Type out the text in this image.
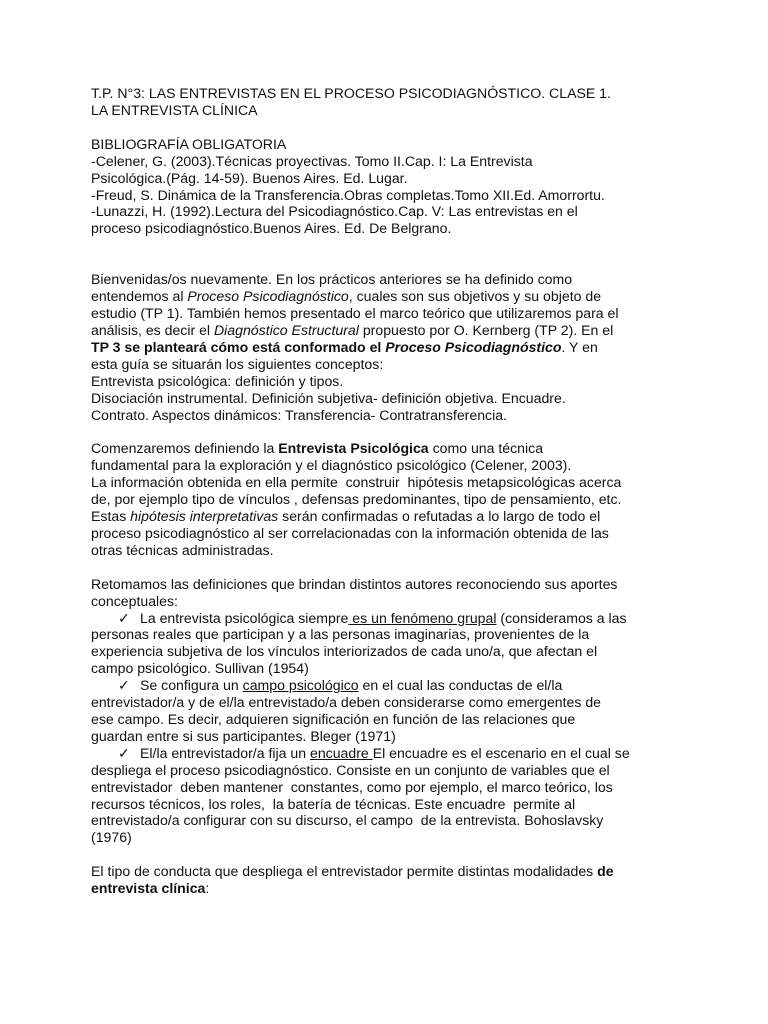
T.P. N°3: LAS ENTREVISTAS EN EL PROCESO PSICODIAGNÓSTICO. CLASE 1.
LA ENTREVISTA CLÍNICA
BIBLIOGRAFÍA OBLIGATORIA
-Celener, G. (2003).Técnicas proyectivas. Tomo II.Cap. I: La Entrevista
Psicológica.(Pág. 14-59). Buenos Aires. Ed. Lugar.
-Freud, S. Dinámica de la Transferencia.Obras completas.Tomo XII.Ed. Amorrortu.
-Lunazzi, H. (1992).Lectura del Psicodiagnóstico.Cap. V: Las entrevistas en el
proceso psicodiagnóstico.Buenos Aires. Ed. De Belgrano.
Bienvenidas/os nuevamente. En los prácticos anteriores se ha definido como
entendemos al Proceso Psicodiagnóstico, cuales son sus objetivos y su objeto de
estudio (TP 1). También hemos presentado el marco teórico que utilizaremos para el
análisis, es decir el Diagnóstico Estructural propuesto por O. Kernberg (TP 2). En el
TP 3 se planteará cómo está conformado el Proceso Psicodiagnóstico. Y en
esta guía se situarán los siguientes conceptos:
Entrevista psicológica: definición y tipos.
Disociación instrumental. Definición subjetiva- definición objetiva. Encuadre.
Contrato. Aspectos dinámicos: Transferencia- Contratransferencia.
Comenzaremos definiendo la Entrevista Psicológica como una técnica
fundamental para la exploración y el diagnóstico psicológico (Celener, 2003).
La información obtenida en ella permite  construir  hipótesis metapsicológicas acerca
de, por ejemplo tipo de vínculos , defensas predominantes, tipo de pensamiento, etc.
Estas hipótesis interpretativas serán confirmadas o refutadas a lo largo de todo el
proceso psicodiagnóstico al ser correlacionadas con la información obtenida de las
otras técnicas administradas.
Retomamos las definiciones que brindan distintos autores reconociendo sus aportes
conceptuales:
✓ La entrevista psicológica siempre es un fenómeno grupal (consideramos a las
personas reales que participan y a las personas imaginarias, provenientes de la
experiencia subjetiva de los vínculos interiorizados de cada uno/a, que afectan el
campo psicológico. Sullivan (1954)
✓ Se configura un campo psicológico en el cual las conductas de el/la
entrevistador/a y de el/la entrevistado/a deben considerarse como emergentes de
ese campo. Es decir, adquieren significación en función de las relaciones que
guardan entre si sus participantes. Bleger (1971)
✓ El/la entrevistador/a fija un encuadre El encuadre es el escenario en el cual se
despliega el proceso psicodiagnóstico. Consiste en un conjunto de variables que el
entrevistador  deben mantener  constantes, como por ejemplo, el marco teórico, los
recursos técnicos, los roles,  la batería de técnicas. Este encuadre  permite al
entrevistado/a configurar con su discurso, el campo  de la entrevista. Bohoslavsky
(1976)
El tipo de conducta que despliega el entrevistador permite distintas modalidades de
entrevista clínica:
